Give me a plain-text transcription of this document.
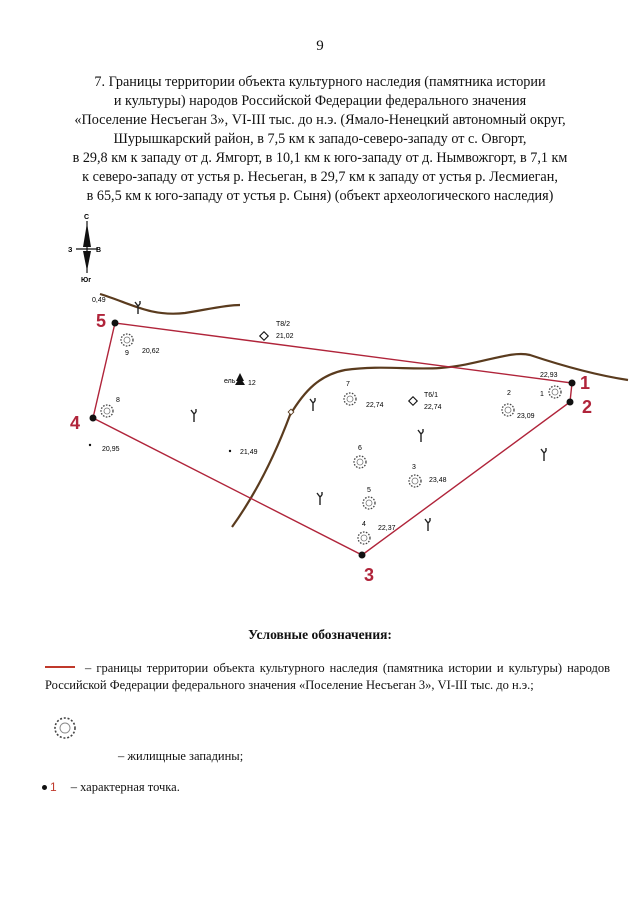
9
7. Границы территории объекта культурного наследия (памятника истории
и культуры) народов Российской Федерации федерального значения
«Поселение Несъеган 3», VI-III тыс. до н.э. (Ямало-Ненецкий автономный округ,
Шурышкарский район, в 7,5 км к западо-северо-западу от с. Овгорт,
в 29,8 км к западу от д. Ямгорт, в 10,1 км к юго-западу от д. Нымвожгорт, в 7,1 км
к северо-западу от устья р. Несьеган, в 29,7 км к западу от устья р. Лесмиеган,
в 65,5 км к юго-западу от устья р. Сыня) (объект археологического наследия)
С
З	В
Юг
1
2
3
4
5
1
2
3
4
5
6
7
8
9
Т8/2
21,02
Т6/1
22,74
0,49
20,62
22,93
22,74
23,09
20,95	21,49
23,48
22,37
ель 12
Условные обозначения:
– границы территории объекта культурного наследия (памятника истории и культуры) народов Российской Федерации федерального значения «Поселение Несъеган 3», VI-III тыс. до н.э.;
– жилищные западины;
1 – характерная точка.
